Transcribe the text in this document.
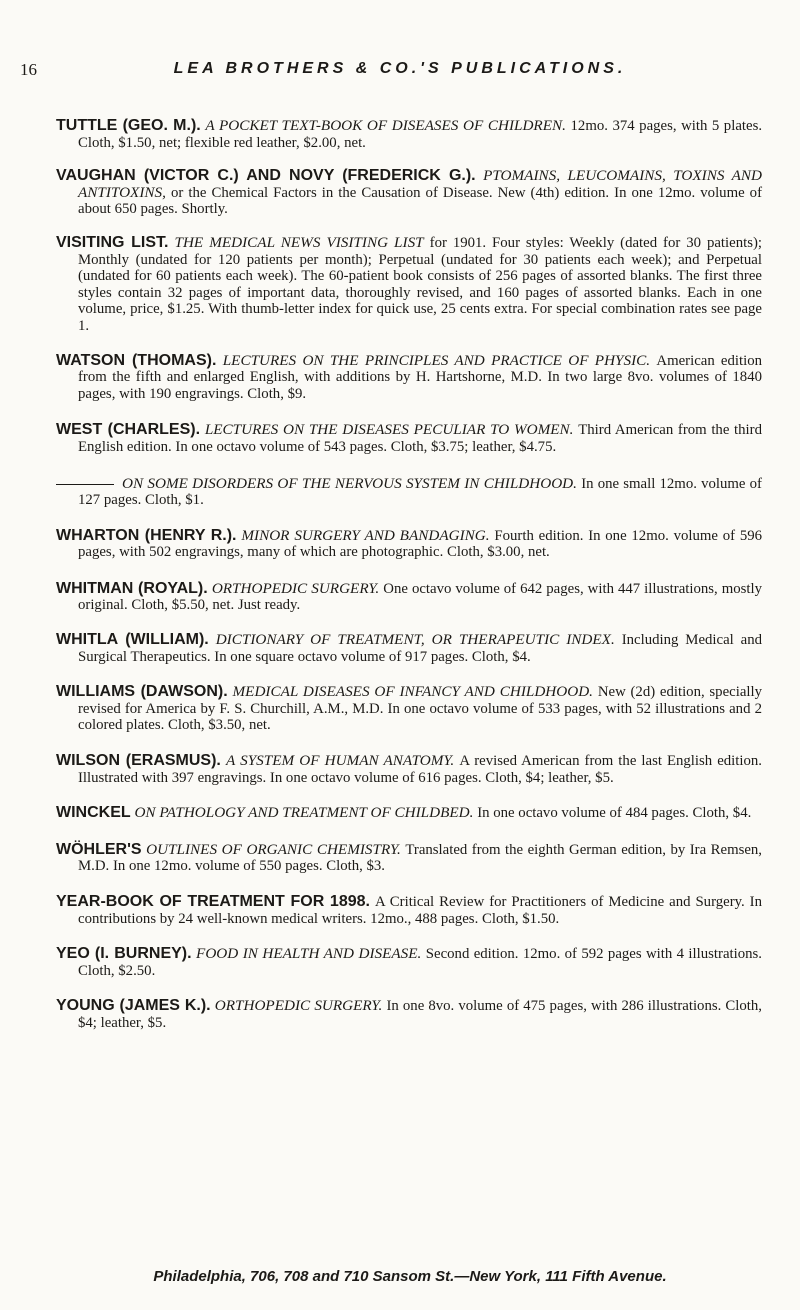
16	LEA BROTHERS & CO.'S PUBLICATIONS.

TUTTLE (GEO. M.). A POCKET TEXT-BOOK OF DISEASES OF CHILDREN. 12mo. 374 pages, with 5 plates. Cloth, $1.50, net; flexible red leather, $2.00, net.

VAUGHAN (VICTOR C.) AND NOVY (FREDERICK G.). PTOMAINS, LEUCOMAINS, TOXINS AND ANTITOXINS, or the Chemical Factors in the Causation of Disease. New (4th) edition. In one 12mo. volume of about 650 pages. Shortly.

VISITING LIST. THE MEDICAL NEWS VISITING LIST for 1901. Four styles: Weekly (dated for 30 patients); Monthly (undated for 120 patients per month); Perpetual (undated for 30 patients each week); and Perpetual (undated for 60 patients each week). The 60-patient book consists of 256 pages of assorted blanks. The first three styles contain 32 pages of important data, thoroughly revised, and 160 pages of assorted blanks. Each in one volume, price, $1.25. With thumb-letter index for quick use, 25 cents extra. For special combination rates see page 1.

WATSON (THOMAS). LECTURES ON THE PRINCIPLES AND PRACTICE OF PHYSIC. American edition from the fifth and enlarged English, with additions by H. Hartshorne, M.D. In two large 8vo. volumes of 1840 pages, with 190 engravings. Cloth, $9.

WEST (CHARLES). LECTURES ON THE DISEASES PECULIAR TO WOMEN. Third American from the third English edition. In one octavo volume of 543 pages. Cloth, $3.75; leather, $4.75.

ON SOME DISORDERS OF THE NERVOUS SYSTEM IN CHILDHOOD. In one small 12mo. volume of 127 pages. Cloth, $1.

WHARTON (HENRY R.). MINOR SURGERY AND BANDAGING. Fourth edition. In one 12mo. volume of 596 pages, with 502 engravings, many of which are photographic. Cloth, $3.00, net.

WHITMAN (ROYAL). ORTHOPEDIC SURGERY. One octavo volume of 642 pages, with 447 illustrations, mostly original. Cloth, $5.50, net. Just ready.

WHITLA (WILLIAM). DICTIONARY OF TREATMENT, OR THERAPEUTIC INDEX. Including Medical and Surgical Therapeutics. In one square octavo volume of 917 pages. Cloth, $4.

WILLIAMS (DAWSON). MEDICAL DISEASES OF INFANCY AND CHILDHOOD. New (2d) edition, specially revised for America by F. S. Churchill, A.M., M.D. In one octavo volume of 533 pages, with 52 illustrations and 2 colored plates. Cloth, $3.50, net.

WILSON (ERASMUS). A SYSTEM OF HUMAN ANATOMY. A revised American from the last English edition. Illustrated with 397 engravings. In one octavo volume of 616 pages. Cloth, $4; leather, $5.

WINCKEL ON PATHOLOGY AND TREATMENT OF CHILDBED. In one octavo volume of 484 pages. Cloth, $4.

WÖHLER'S OUTLINES OF ORGANIC CHEMISTRY. Translated from the eighth German edition, by Ira Remsen, M.D. In one 12mo. volume of 550 pages. Cloth, $3.

YEAR-BOOK OF TREATMENT FOR 1898. A Critical Review for Practitioners of Medicine and Surgery. In contributions by 24 well-known medical writers. 12mo., 488 pages. Cloth, $1.50.

YEO (I. BURNEY). FOOD IN HEALTH AND DISEASE. Second edition. 12mo. of 592 pages with 4 illustrations. Cloth, $2.50.

YOUNG (JAMES K.). ORTHOPEDIC SURGERY. In one 8vo. volume of 475 pages, with 286 illustrations. Cloth, $4; leather, $5.

Philadelphia, 706, 708 and 710 Sansom St.—New York, 111 Fifth Avenue.
